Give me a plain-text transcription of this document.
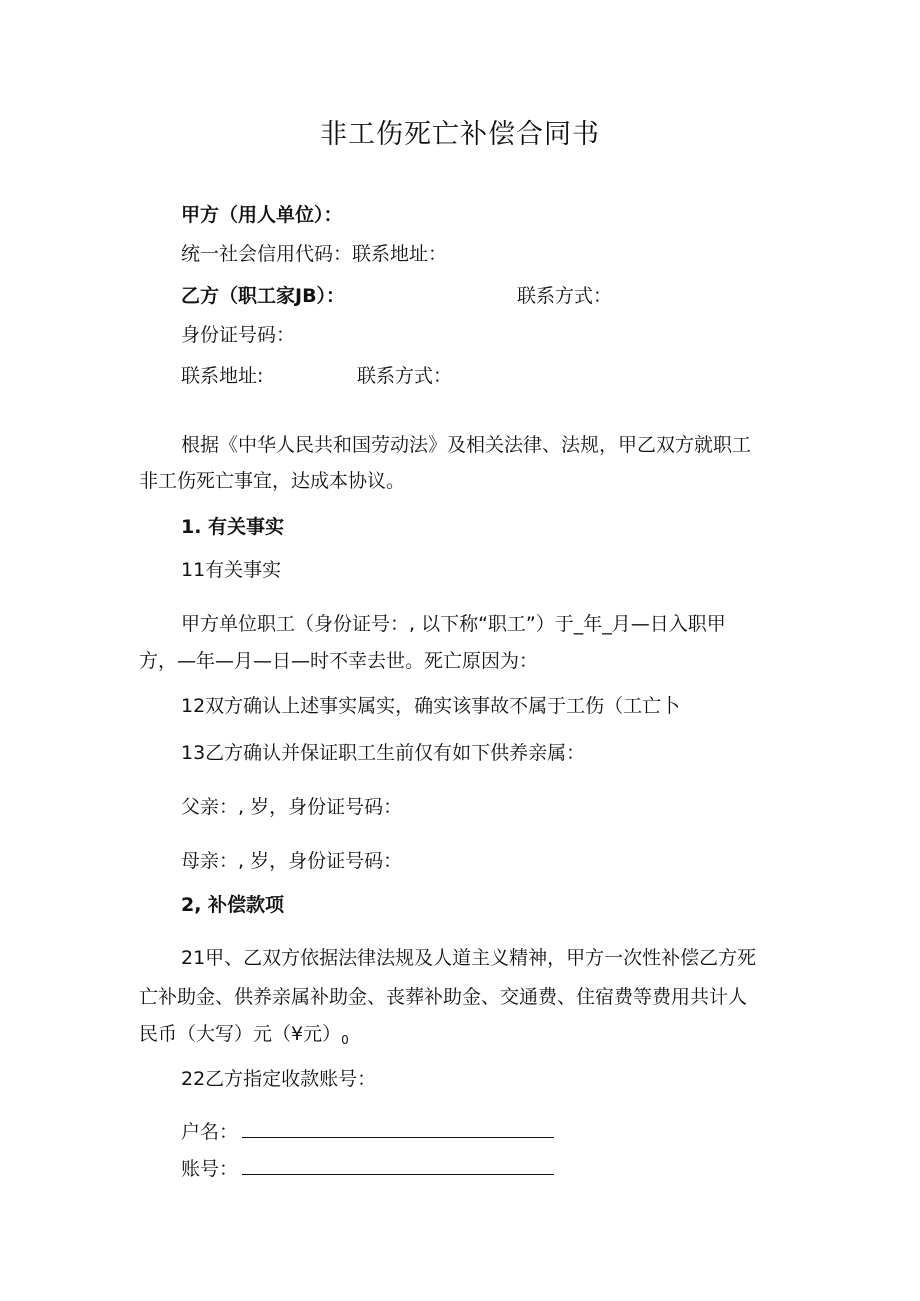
非工伤死亡补偿合同书
甲方（用人单位）：
统一社会信用代码：联系地址：
乙方（职工家JB）：	联系方式：
身份证号码：
联系地址:	联系方式：
根据《中华人民共和国劳动法》及相关法律、法规，甲乙双方就职工
非工伤死亡事宜，达成本协议。
1. 有关事实
11有关事实
甲方单位职工（身份证号：, 以下称“职工”）于_年_月—日入职甲
方，—年—月—日—时不幸去世。死亡原因为：
12双方确认上述事实属实，确实该事故不属于工伤（工亡卜
13乙方确认并保证职工生前仅有如下供养亲属：
父亲：, 岁，身份证号码：
母亲：, 岁，身份证号码：
2, 补偿款项
21甲、乙双方依据法律法规及人道主义精神，甲方一次性补偿乙方死
亡补助金、供养亲属补助金、丧葬补助金、交通费、住宿费等费用共计人
民币（大写）元（¥元）$_0$
22乙方指定收款账号：
户名：
账号：
